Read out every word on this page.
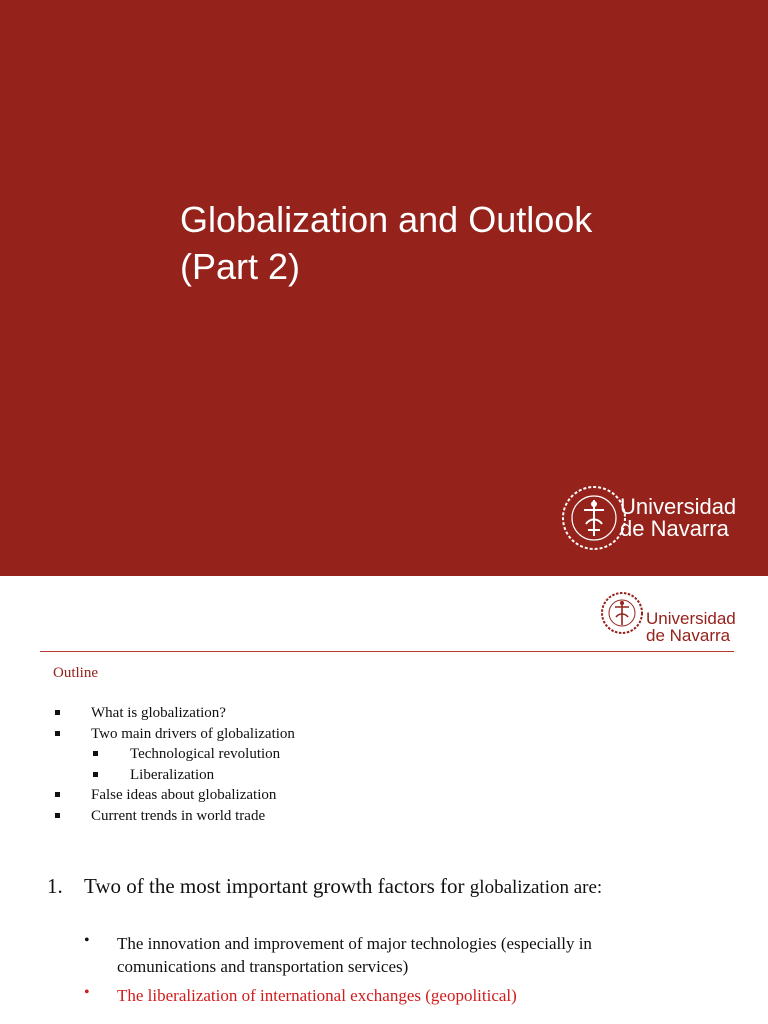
Globalization and Outlook
(Part 2)
Universidad
de Navarra
Universidad
de Navarra
Outline
What is globalization?
Two main drivers of globalization
Technological revolution
Liberalization
False ideas about globalization
Current trends in world trade
1. Two of the most important growth factors for globalization are:
• The innovation and improvement of major technologies (especially in comunications and transportation services)
• The liberalization of international exchanges (geopolitical)
